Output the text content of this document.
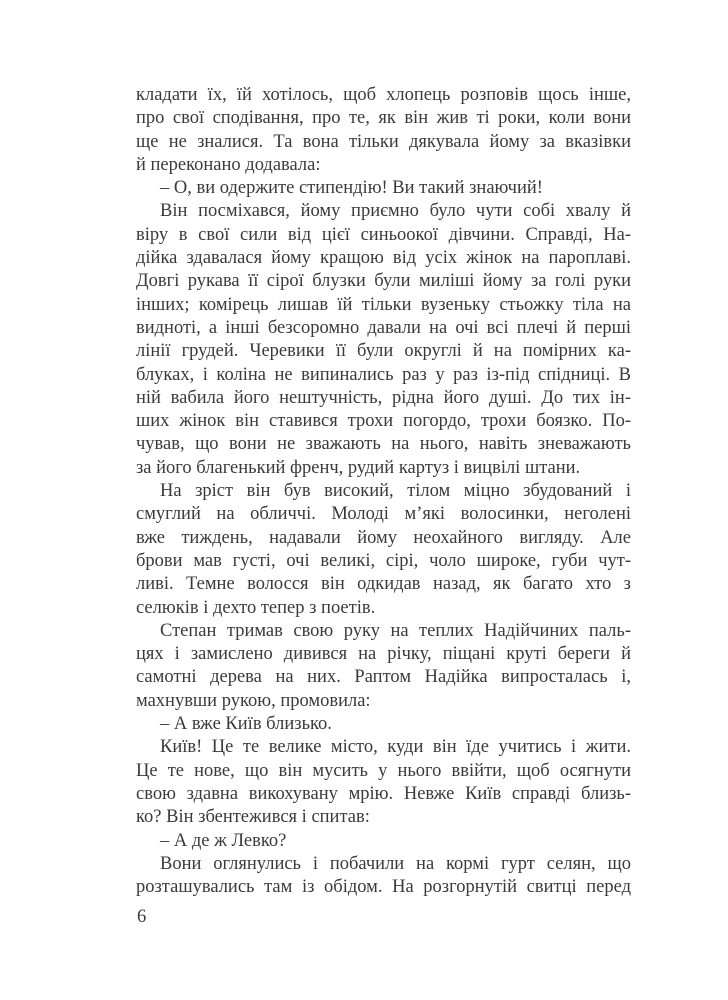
кладати їх, їй хотілось, щоб хлопець розповів щось інше,
про свої сподівання, про те, як він жив ті роки, коли вони
ще не зналися. Та вона тільки дякувала йому за вказівки
й переконано додавала:
– О, ви одержите стипендію! Ви такий знаючий!
Він посміхався, йому приємно було чути собі хвалу й
віру в свої сили від цієї синьоокої дівчини. Справді, На-
дійка здавалася йому кращою від усіх жінок на пароплаві.
Довгі рукава її сірої блузки були миліші йому за голі руки
інших; комірець лишав їй тільки вузеньку стьожку тіла на
видноті, а інші безсоромно давали на очі всі плечі й перші
лінії грудей. Черевики її були округлі й на помірних ка-
блуках, і коліна не випинались раз у раз із-під спідниці. В
ній вабила його нештучність, рідна його душі. До тих ін-
ших жінок він ставився трохи погордо, трохи боязко. По-
чував, що вони не зважають на нього, навіть зневажають
за його благенький френч, рудий картуз і вицвілі штани.
На зріст він був високий, тілом міцно збудований і
смуглий на обличчі. Молоді м’які волосинки, неголені
вже тиждень, надавали йому неохайного вигляду. Але
брови мав густі, очі великі, сірі, чоло широке, губи чут-
ливі. Темне волосся він одкидав назад, як багато хто з
селюків і дехто тепер з поетів.
Степан тримав свою руку на теплих Надійчиних паль-
цях і замислено дивився на річку, піщані круті береги й
самотні дерева на них. Раптом Надійка випросталась і,
махнувши рукою, промовила:
– А вже Київ близько.
Київ! Це те велике місто, куди він їде учитись і жити.
Це те нове, що він мусить у нього ввійти, щоб осягнути
свою здавна викохувану мрію. Невже Київ справді близь-
ко? Він збентежився і спитав:
– А де ж Левко?
Вони оглянулись і побачили на кормі гурт селян, що
розташувались там із обідом. На розгорнутій свитці перед
6
